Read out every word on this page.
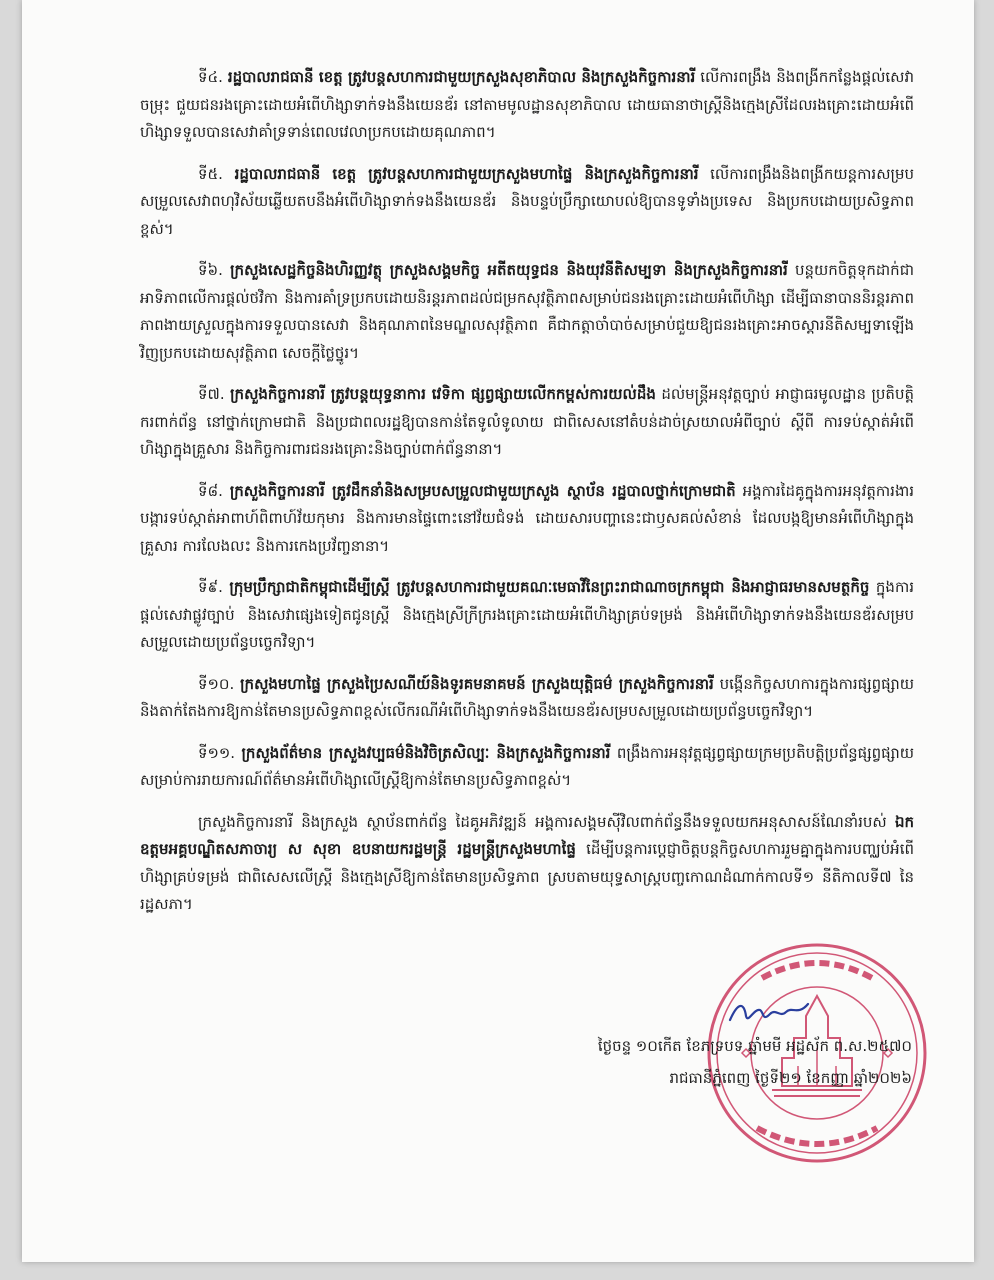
ទី៤. រដ្ឋបាលរាជធានី ខេត្ត ត្រូវបន្តសហការជាមួយក្រសួងសុខាភិបាល និងក្រសួងកិច្ចការនារី លើការពង្រឹង និងពង្រីកកន្លែងផ្តល់សេវាចម្រុះ ជួយជនរងគ្រោះដោយអំពើហិង្សាទាក់ទងនឹងយេនឌ័រ នៅតាមមូលដ្ឋានសុខាភិបាល ដោយធានាថាស្ត្រីនិងក្មេងស្រីដែលរងគ្រោះដោយអំពើហិង្សាទទួលបានសេវាគាំទ្រទាន់ពេលវេលាប្រកបដោយគុណភាព។

ទី៥. រដ្ឋបាលរាជធានី ខេត្ត ត្រូវបន្តសហការជាមួយក្រសួងមហាផ្ទៃ និងក្រសួងកិច្ចការនារី លើការពង្រឹងនិងពង្រីកយន្តការសម្របសម្រួលសេវាពហុវិស័យឆ្លើយតបនឹងអំពើហិង្សាទាក់ទងនឹងយេនឌ័រ និងបន្ទប់ប្រឹក្សាយោបល់ឱ្យបានទូទាំងប្រទេស និងប្រកបដោយប្រសិទ្ធភាពខ្ពស់។

ទី៦. ក្រសួងសេដ្ឋកិច្ចនិងហិរញ្ញវត្ថុ ក្រសួងសង្គមកិច្ច អតីតយុទ្ធជន និងយុវនីតិសម្បទា និងក្រសួងកិច្ចការនារី បន្តយកចិត្តទុកដាក់ជាអាទិភាពលើការផ្តល់ថវិកា និងការគាំទ្រប្រកបដោយនិរន្តរភាពដល់ជម្រកសុវត្ថិភាពសម្រាប់ជនរងគ្រោះដោយអំពើហិង្សា ដើម្បីធានាបាននិរន្តរភាព ភាពងាយស្រួលក្នុងការទទួលបានសេវា និងគុណភាពនៃមណ្ឌលសុវត្ថិភាព គឺជាកត្តាចាំបាច់សម្រាប់ជួយឱ្យជនរងគ្រោះអាចស្តារនីតិសម្បទាឡើងវិញប្រកបដោយសុវត្ថិភាព សេចក្តីថ្លៃថ្នូរ។

ទី៧. ក្រសួងកិច្ចការនារី ត្រូវបន្តយុទ្ធនាការ វេទិកា ផ្សព្វផ្សាយលើកកម្ពស់ការយល់ដឹង ដល់មន្ត្រីអនុវត្តច្បាប់ អាជ្ញាធរមូលដ្ឋាន ប្រតិបត្តិករពាក់ព័ន្ធ នៅថ្នាក់ក្រោមជាតិ និងប្រជាពលរដ្ឋឱ្យបានកាន់តែទូលំទូលាយ ជាពិសេសនៅតំបន់ដាច់ស្រយាលអំពីច្បាប់ ស្តីពី ការទប់ស្កាត់អំពើហិង្សាក្នុងគ្រួសារ និងកិច្ចការពារជនរងគ្រោះនិងច្បាប់ពាក់ព័ន្ធនានា។

ទី៨. ក្រសួងកិច្ចការនារី ត្រូវដឹកនាំនិងសម្របសម្រួលជាមួយក្រសួង ស្ថាប័ន រដ្ឋបាលថ្នាក់ក្រោមជាតិ អង្គការដៃគូក្នុងការអនុវត្តការងារបង្ការទប់ស្កាត់អាពាហ៍ពិពាហ៍វ័យកុមារ និងការមានផ្ទៃពោះនៅវ័យជំទង់ ដោយសារបញ្ហានេះជាឫសគល់សំខាន់ ដែលបង្កឱ្យមានអំពើហិង្សាក្នុងគ្រួសារ ការលែងលះ និងការកេងប្រវ័ញ្ចនានា។

ទី៩. ក្រុមប្រឹក្សាជាតិកម្ពុជាដើម្បីស្ត្រី ត្រូវបន្តសហការជាមួយគណៈមេធាវីនៃព្រះរាជាណាចក្រកម្ពុជា និងអាជ្ញាធរមានសមត្ថកិច្ច ក្នុងការផ្តល់សេវាផ្លូវច្បាប់ និងសេវាផ្សេងទៀតជូនស្ត្រី និងក្មេងស្រីក្រីក្ររងគ្រោះដោយអំពើហិង្សាគ្រប់ទម្រង់ និងអំពើហិង្សាទាក់ទងនឹងយេនឌ័រសម្របសម្រួលដោយប្រព័ន្ធបច្ចេកវិទ្យា។

ទី១០. ក្រសួងមហាផ្ទៃ ក្រសួងប្រៃសណីយ៍និងទូរគមនាគមន៍ ក្រសួងយុត្តិធម៌ ក្រសួងកិច្ចការនារី បង្កើនកិច្ចសហការក្នុងការផ្សព្វផ្សាយ និងតាក់តែងការឱ្យកាន់តែមានប្រសិទ្ធភាពខ្ពស់លើករណីអំពើហិង្សាទាក់ទងនឹងយេនឌ័រសម្របសម្រួលដោយប្រព័ន្ធបច្ចេកវិទ្យា។

ទី១១. ក្រសួងព័ត៌មាន ក្រសួងវប្បធម៌និងវិចិត្រសិល្បៈ និងក្រសួងកិច្ចការនារី ពង្រឹងការអនុវត្តផ្សព្វផ្សាយក្រមប្រតិបត្តិប្រព័ន្ធផ្សព្វផ្សាយ សម្រាប់ការរាយការណ៍ព័ត៌មានអំពើហិង្សាលើស្ត្រីឱ្យកាន់តែមានប្រសិទ្ធភាពខ្ពស់។

ក្រសួងកិច្ចការនារី និងក្រសួង ស្ថាប័នពាក់ព័ន្ធ ដៃគូអភិវឌ្ឍន៍ អង្គការសង្គមស៊ីវិលពាក់ព័ន្ធនឹងទទួលយកអនុសាសន៍ណែនាំរបស់ ឯកឧត្តមអគ្គបណ្ឌិតសភាចារ្យ ស សុខា ឧបនាយករដ្ឋមន្ត្រី រដ្ឋមន្ត្រីក្រសួងមហាផ្ទៃ ដើម្បីបន្តការប្តេជ្ញាចិត្តបន្តកិច្ចសហការរួមគ្នាក្នុងការបញ្ឈប់អំពើហិង្សាគ្រប់ទម្រង់ ជាពិសេសលើស្ត្រី និងក្មេងស្រីឱ្យកាន់តែមានប្រសិទ្ធភាព ស្របតាមយុទ្ធសាស្ត្របញ្ចកោណដំណាក់កាលទី១ នីតិកាលទី៧ នៃរដ្ឋសភា។

ថ្ងៃចន្ទ ១០កើត ខែភទ្របទ ឆ្នាំមមី អដ្ឋស័ក ព.ស.២៥៧០
រាជធានីភ្នំពេញ ថ្ងៃទី២១ ខែកញ្ញា ឆ្នាំ២០២៦
